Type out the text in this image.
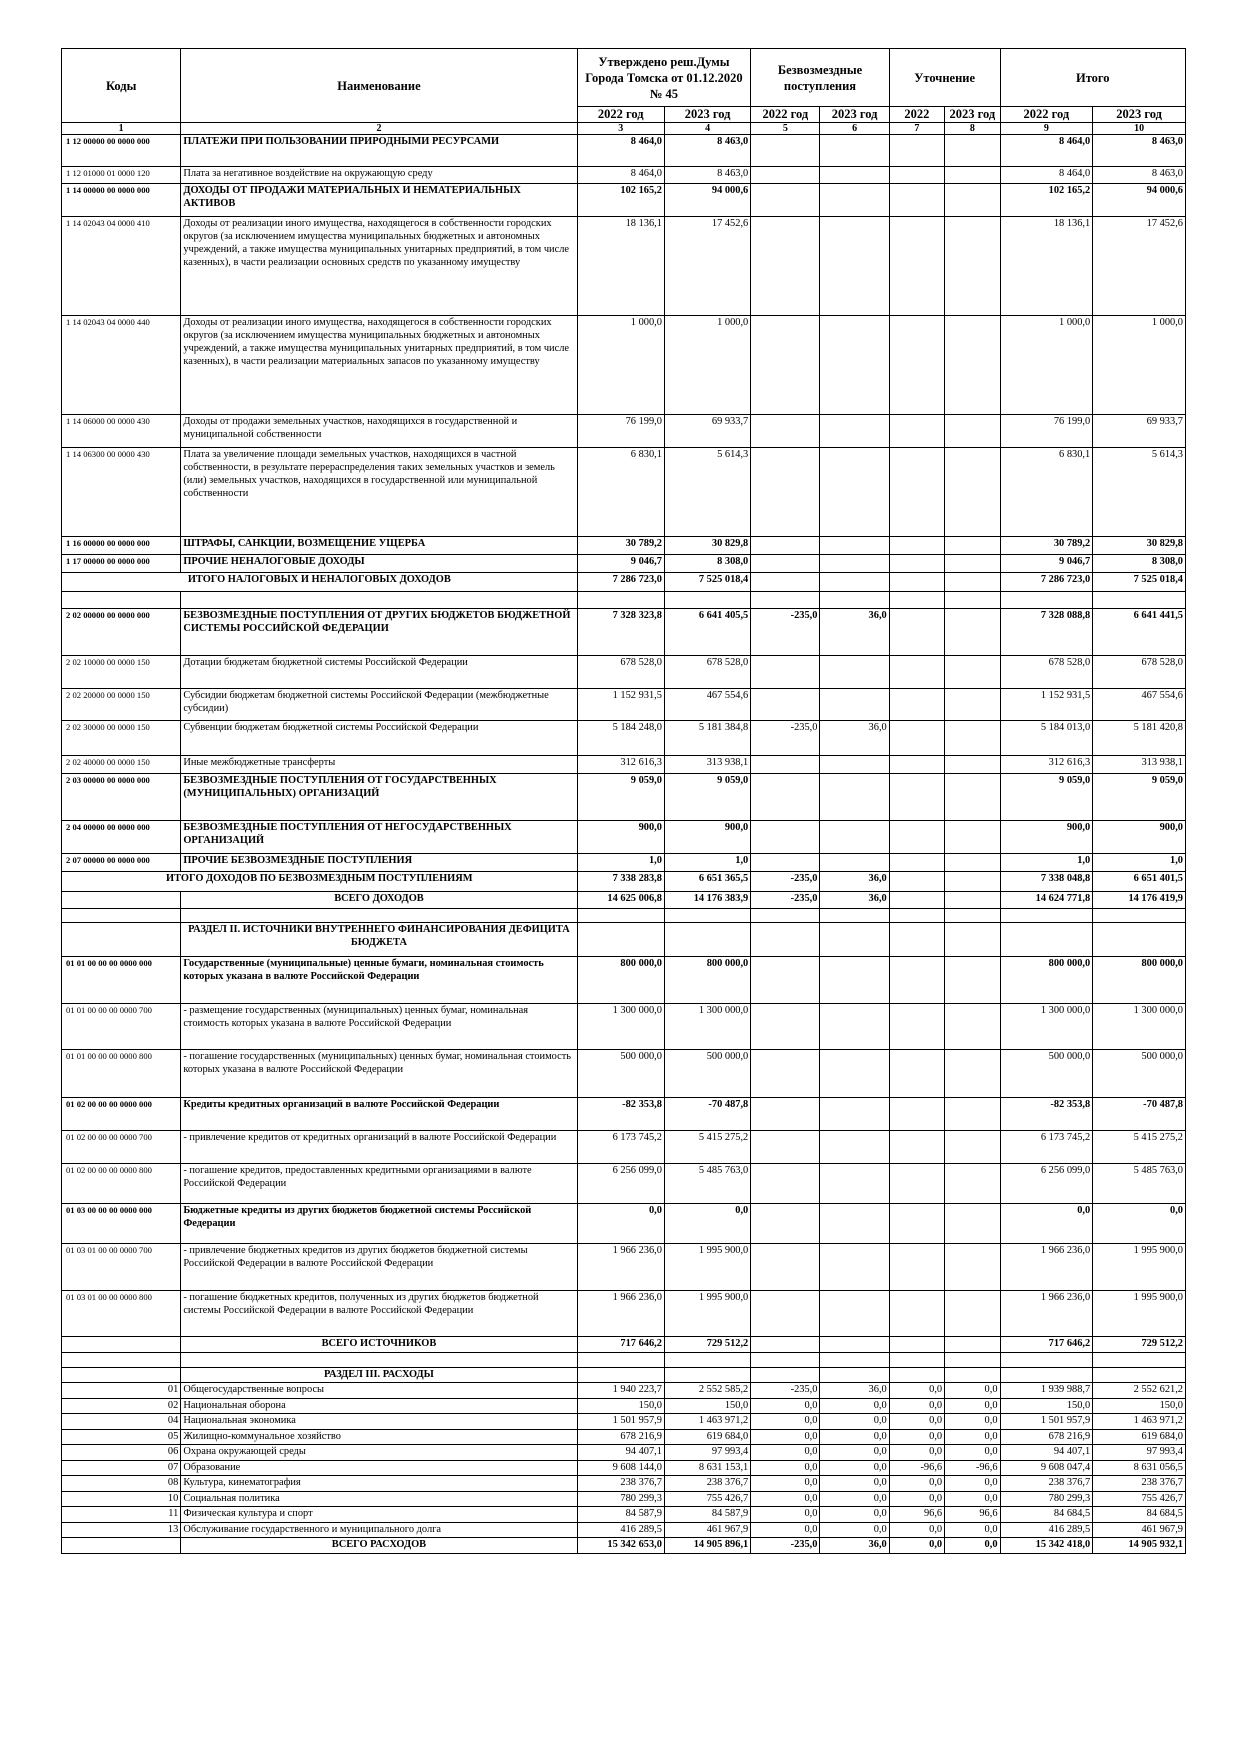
Коды	Наименование	Утверждено реш.Думы Города Томска от 01.12.2020 № 45		Безвозмездные поступления		Уточнение		Итого	
		2022 год	2023 год	2022 год	2023 год	2022	2023 год	2022 год	2023 год
1	2	3	4	5	6	7	8	9	10
1 12 00000 00 0000 000	ПЛАТЕЖИ ПРИ ПОЛЬЗОВАНИИ ПРИРОДНЫМИ РЕСУРСАМИ	8 464,0	8 463,0					8 464,0	8 463,0
1 12 01000 01 0000 120	Плата за негативное воздействие на окружающую среду	8 464,0	8 463,0					8 464,0	8 463,0
1 14 00000 00 0000 000	ДОХОДЫ ОТ ПРОДАЖИ МАТЕРИАЛЬНЫХ И НЕМАТЕРИАЛЬНЫХ АКТИВОВ	102 165,2	94 000,6					102 165,2	94 000,6
1 14 02043 04 0000 410	Доходы от реализации иного имущества, находящегося в собственности городских округов (за исключением имущества муниципальных бюджетных и автономных учреждений, а также имущества муниципальных унитарных предприятий, в том числе казенных), в части реализации основных средств по указанному имуществу	18 136,1	17 452,6					18 136,1	17 452,6
1 14 02043 04 0000 440	Доходы от реализации иного имущества, находящегося в собственности городских округов (за исключением имущества муниципальных бюджетных и автономных учреждений, а также имущества муниципальных унитарных предприятий, в том числе казенных), в части реализации материальных запасов по указанному имуществу	1 000,0	1 000,0					1 000,0	1 000,0
1 14 06000 00 0000 430	Доходы от продажи земельных участков, находящихся в государственной и муниципальной собственности	76 199,0	69 933,7					76 199,0	69 933,7
1 14 06300 00 0000 430	Плата за увеличение площади земельных участков, находящихся в частной собственности, в результате перераспределения таких земельных участков и земель (или) земельных участков, находящихся в государственной или муниципальной собственности	6 830,1	5 614,3					6 830,1	5 614,3
1 16 00000 00 0000 000	ШТРАФЫ, САНКЦИИ, ВОЗМЕЩЕНИЕ УЩЕРБА	30 789,2	30 829,8					30 789,2	30 829,8
1 17 00000 00 0000 000	ПРОЧИЕ НЕНАЛОГОВЫЕ ДОХОДЫ	9 046,7	8 308,0					9 046,7	8 308,0
ИТОГО НАЛОГОВЫХ И НЕНАЛОГОВЫХ ДОХОДОВ		7 286 723,0	7 525 018,4					7 286 723,0	7 525 018,4

2 02 00000 00 0000 000	БЕЗВОЗМЕЗДНЫЕ ПОСТУПЛЕНИЯ ОТ ДРУГИХ БЮДЖЕТОВ БЮДЖЕТНОЙ СИСТЕМЫ РОССИЙСКОЙ ФЕДЕРАЦИИ	7 328 323,8	6 641 405,5	-235,0	36,0			7 328 088,8	6 641 441,5
2 02 10000 00 0000 150	Дотации бюджетам бюджетной системы Российской Федерации	678 528,0	678 528,0					678 528,0	678 528,0
2 02 20000 00 0000 150	Субсидии бюджетам бюджетной системы Российской Федерации (межбюджетные субсидии)	1 152 931,5	467 554,6					1 152 931,5	467 554,6
2 02 30000 00 0000 150	Субвенции бюджетам бюджетной системы Российской Федерации	5 184 248,0	5 181 384,8	-235,0	36,0			5 184 013,0	5 181 420,8
2 02 40000 00 0000 150	Иные межбюджетные трансферты	312 616,3	313 938,1					312 616,3	313 938,1
2 03 00000 00 0000 000	БЕЗВОЗМЕЗДНЫЕ ПОСТУПЛЕНИЯ ОТ ГОСУДАРСТВЕННЫХ (МУНИЦИПАЛЬНЫХ) ОРГАНИЗАЦИЙ	9 059,0	9 059,0					9 059,0	9 059,0
2 04 00000 00 0000 000	БЕЗВОЗМЕЗДНЫЕ ПОСТУПЛЕНИЯ ОТ НЕГОСУДАРСТВЕННЫХ ОРГАНИЗАЦИЙ	900,0	900,0					900,0	900,0
2 07 00000 00 0000 000	ПРОЧИЕ БЕЗВОЗМЕЗДНЫЕ ПОСТУПЛЕНИЯ	1,0	1,0					1,0	1,0
ИТОГО ДОХОДОВ ПО БЕЗВОЗМЕЗДНЫМ ПОСТУПЛЕНИЯМ		7 338 283,8	6 651 365,5	-235,0	36,0			7 338 048,8	6 651 401,5
	ВСЕГО ДОХОДОВ	14 625 006,8	14 176 383,9	-235,0	36,0			14 624 771,8	14 176 419,9

	РАЗДЕЛ II. ИСТОЧНИКИ ВНУТРЕННЕГО ФИНАНСИРОВАНИЯ ДЕФИЦИТА БЮДЖЕТА								
01 01 00 00 00 0000 000	Государственные (муниципальные) ценные бумаги, номинальная стоимость которых указана в валюте Российской Федерации	800 000,0	800 000,0					800 000,0	800 000,0
01 01 00 00 00 0000 700	- размещение государственных (муниципальных) ценных бумаг, номинальная стоимость которых указана в валюте Российской Федерации	1 300 000,0	1 300 000,0					1 300 000,0	1 300 000,0
01 01 00 00 00 0000 800	- погашение государственных (муниципальных) ценных бумаг, номинальная стоимость которых указана в валюте Российской Федерации	500 000,0	500 000,0					500 000,0	500 000,0
01 02 00 00 00 0000 000	Кредиты кредитных организаций в валюте Российской Федерации	-82 353,8	-70 487,8					-82 353,8	-70 487,8
01 02 00 00 00 0000 700	- привлечение кредитов от кредитных организаций в валюте Российской Федерации	6 173 745,2	5 415 275,2					6 173 745,2	5 415 275,2
01 02 00 00 00 0000 800	- погашение кредитов, предоставленных кредитными организациями в валюте Российской Федерации	6 256 099,0	5 485 763,0					6 256 099,0	5 485 763,0
01 03 00 00 00 0000 000	Бюджетные кредиты из других бюджетов бюджетной системы Российской Федерации	0,0	0,0					0,0	0,0
01 03 01 00 00 0000 700	- привлечение бюджетных кредитов из других бюджетов бюджетной системы Российской Федерации в валюте Российской Федерации	1 966 236,0	1 995 900,0					1 966 236,0	1 995 900,0
01 03 01 00 00 0000 800	- погашение бюджетных кредитов, полученных из других бюджетов бюджетной системы Российской Федерации в валюте Российской Федерации	1 966 236,0	1 995 900,0					1 966 236,0	1 995 900,0
	ВСЕГО ИСТОЧНИКОВ	717 646,2	729 512,2					717 646,2	729 512,2

	РАЗДЕЛ III. РАСХОДЫ								
01	Общегосударственные вопросы	1 940 223,7	2 552 585,2	-235,0	36,0	0,0	0,0	1 939 988,7	2 552 621,2
02	Национальная оборона	150,0	150,0	0,0	0,0	0,0	0,0	150,0	150,0
04	Национальная экономика	1 501 957,9	1 463 971,2	0,0	0,0	0,0	0,0	1 501 957,9	1 463 971,2
05	Жилищно-коммунальное хозяйство	678 216,9	619 684,0	0,0	0,0	0,0	0,0	678 216,9	619 684,0
06	Охрана окружающей среды	94 407,1	97 993,4	0,0	0,0	0,0	0,0	94 407,1	97 993,4
07	Образование	9 608 144,0	8 631 153,1	0,0	0,0	-96,6	-96,6	9 608 047,4	8 631 056,5
08	Культура, кинематография	238 376,7	238 376,7	0,0	0,0	0,0	0,0	238 376,7	238 376,7
10	Социальная политика	780 299,3	755 426,7	0,0	0,0	0,0	0,0	780 299,3	755 426,7
11	Физическая культура и спорт	84 587,9	84 587,9	0,0	0,0	96,6	96,6	84 684,5	84 684,5
13	Обслуживание государственного и муниципального долга	416 289,5	461 967,9	0,0	0,0	0,0	0,0	416 289,5	461 967,9
	ВСЕГО РАСХОДОВ	15 342 653,0	14 905 896,1	-235,0	36,0	0,0	0,0	15 342 418,0	14 905 932,1
